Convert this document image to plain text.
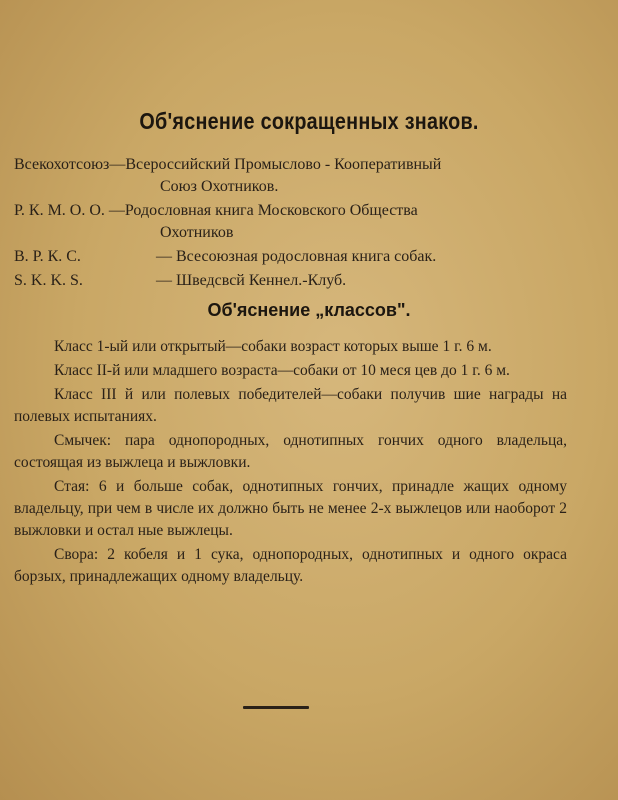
Об'яснение сокращенных знаков.
Всекохотсоюз— Всероссийский Промыслово - Кооперативный
Союз Охотников.
Р. К. М. О. О. — Родословная книга Московского Общества
Охотников
В. Р. К. С.	— Всесоюзная родословная книга собак.
S. K. K. S.	— Шведсвсй Кеннел.-Клуб.
Об'яснение „классов".

Класс 1-ый или открытый—собаки возраст которых выше 1 г. 6 м.

Класс II-й или младшего возраста—собаки от 10 меся цев до 1 г. 6 м.

Класс III й или полевых победителей—собаки получив шие награды на полевых испытаниях.

Смычек: пара однопородных, однотипных гончих одного владельца, состоящая из выжлеца и выжловки.

Стая: 6 и больше собак, однотипных гончих, принадле жащих одному владельцу, при чем в числе их должно быть не менее 2-х выжлецов или наоборот 2 выжловки и остал ные выжлецы.

Свора: 2 кобеля и 1 сука, однопородных, однотипных и одного окраса борзых, принадлежащих одному владельцу.
